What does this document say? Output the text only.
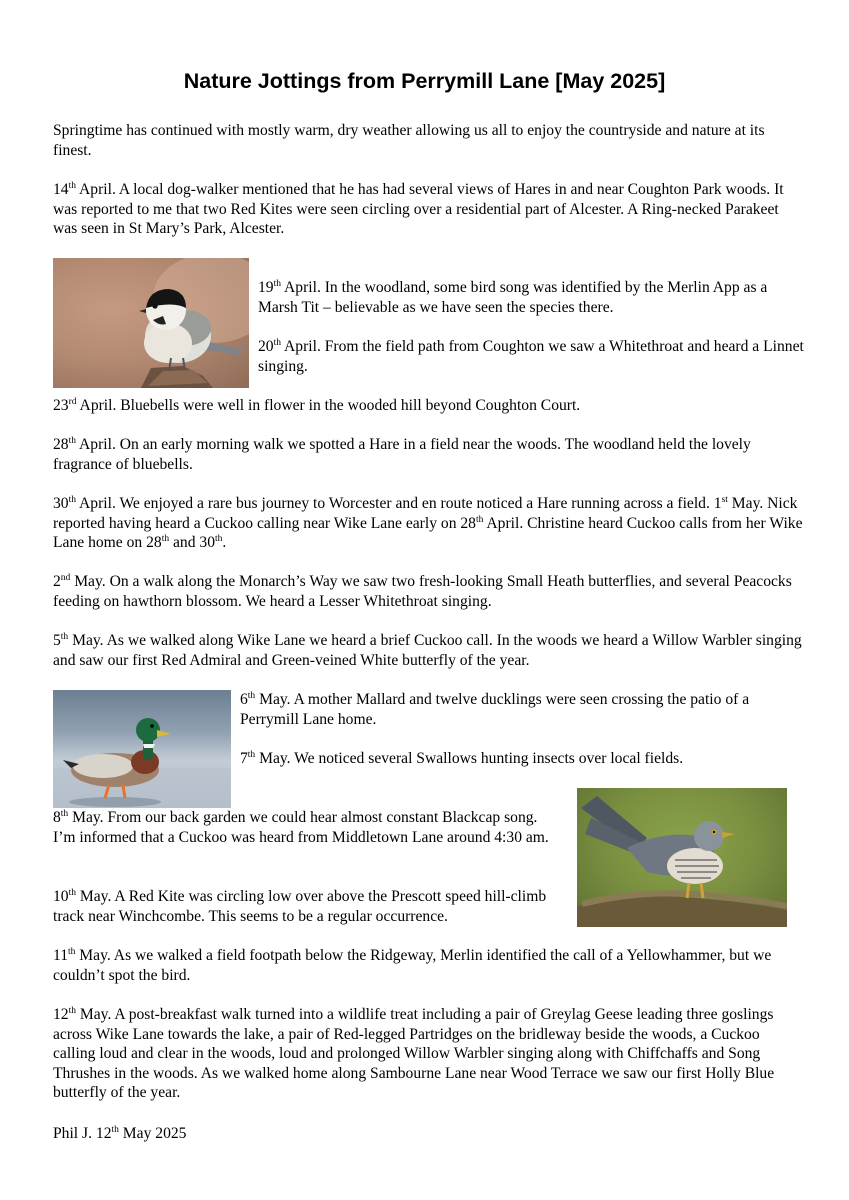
Nature Jottings from Perrymill Lane [May 2025]

Springtime has continued with mostly warm, dry weather allowing us all to enjoy the countryside and nature at its finest.

14th April. A local dog-walker mentioned that he has had several views of Hares in and near Coughton Park woods. It was reported to me that two Red Kites were seen circling over a residential part of Alcester. A Ring-necked Parakeet was seen in St Mary’s Park, Alcester.

19th April. In the woodland, some bird song was identified by the Merlin App as a Marsh Tit – believable as we have seen the species there.

20th April. From the field path from Coughton we saw a Whitethroat and heard a Linnet singing.

23rd April. Bluebells were well in flower in the wooded hill beyond Coughton Court.

28th April. On an early morning walk we spotted a Hare in a field near the woods. The woodland held the lovely fragrance of bluebells.

30th April. We enjoyed a rare bus journey to Worcester and en route noticed a Hare running across a field. 1st May. Nick reported having heard a Cuckoo calling near Wike Lane early on 28th April. Christine heard Cuckoo calls from her Wike Lane home on 28th and 30th.

2nd May. On a walk along the Monarch’s Way we saw two fresh-looking Small Heath butterflies, and several Peacocks feeding on hawthorn blossom. We heard a Lesser Whitethroat singing.

5th May. As we walked along Wike Lane we heard a brief Cuckoo call. In the woods we heard a Willow Warbler singing and saw our first Red Admiral and Green-veined White butterfly of the year.

6th May. A mother Mallard and twelve ducklings were seen crossing the patio of a Perrymill Lane home.

7th May. We noticed several Swallows hunting insects over local fields.

8th May. From our back garden we could hear almost constant Blackcap song. I’m informed that a Cuckoo was heard from Middletown Lane around 4:30 am.

10th May. A Red Kite was circling low over above the Prescott speed hill-climb track near Winchcombe. This seems to be a regular occurrence.

11th May. As we walked a field footpath below the Ridgeway, Merlin identified the call of a Yellowhammer, but we couldn’t spot the bird.

12th May. A post-breakfast walk turned into a wildlife treat including a pair of Greylag Geese leading three goslings across Wike Lane towards the lake, a pair of Red-legged Partridges on the bridleway beside the woods, a Cuckoo calling loud and clear in the woods, loud and prolonged Willow Warbler singing along with Chiffchaffs and Song Thrushes in the woods. As we walked home along Sambourne Lane near Wood Terrace we saw our first Holly Blue butterfly of the year.

Phil J. 12th May 2025
